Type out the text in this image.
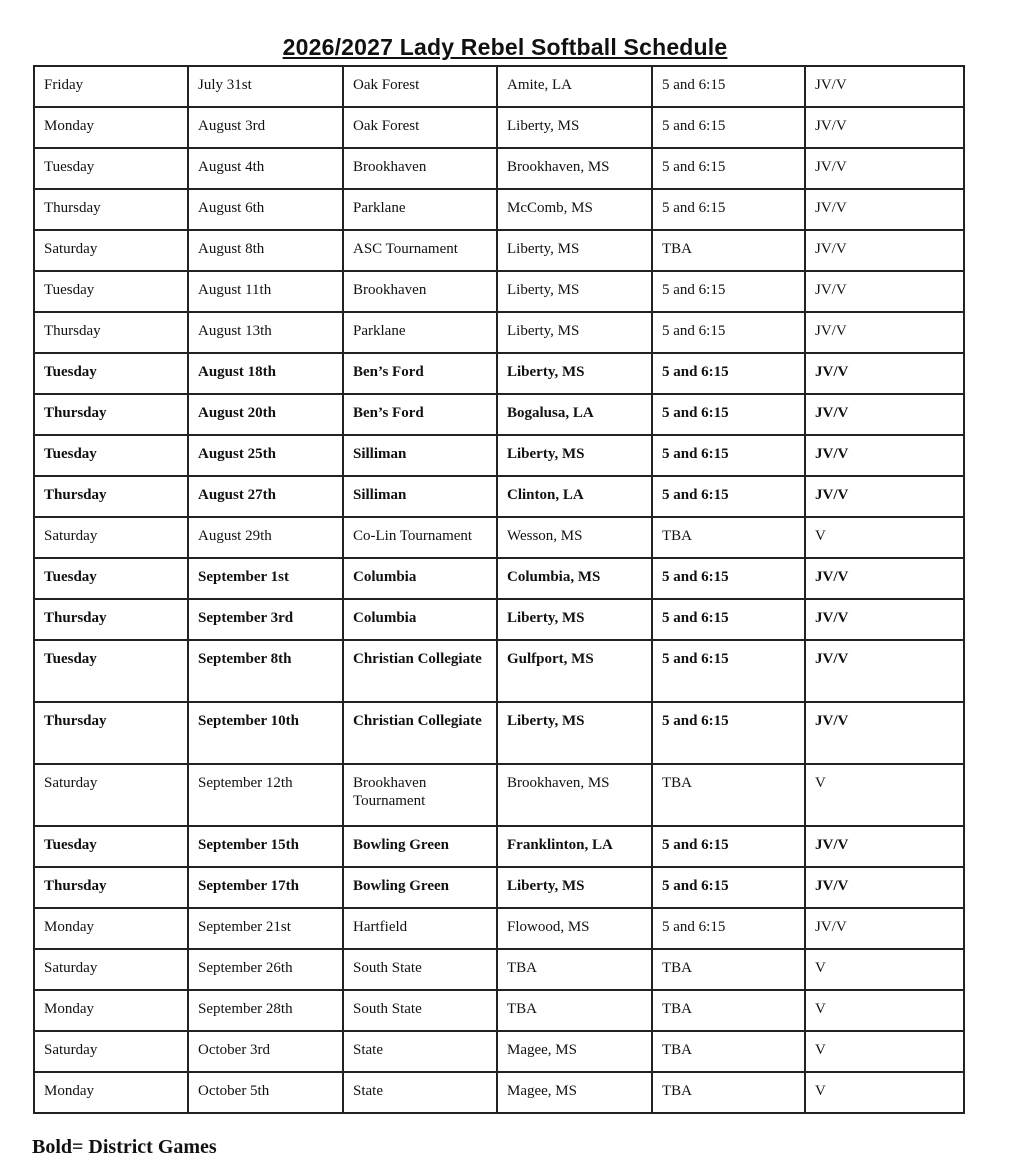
2026/2027 Lady Rebel Softball Schedule
Friday	July 31st	Oak Forest	Amite, LA	5 and 6:15	JV/V
Monday	August 3rd	Oak Forest	Liberty, MS	5 and 6:15	JV/V
Tuesday	August 4th	Brookhaven	Brookhaven, MS	5 and 6:15	JV/V
Thursday	August 6th	Parklane	McComb, MS	5 and 6:15	JV/V
Saturday	August 8th	ASC Tournament	Liberty, MS	TBA	JV/V
Tuesday	August 11th	Brookhaven	Liberty, MS	5 and 6:15	JV/V
Thursday	August 13th	Parklane	Liberty, MS	5 and 6:15	JV/V
Tuesday	August 18th	Ben’s Ford	Liberty, MS	5 and 6:15	JV/V
Thursday	August 20th	Ben’s Ford	Bogalusa, LA	5 and 6:15	JV/V
Tuesday	August 25th	Silliman	Liberty, MS	5 and 6:15	JV/V
Thursday	August 27th	Silliman	Clinton, LA	5 and 6:15	JV/V
Saturday	August 29th	Co-Lin Tournament	Wesson, MS	TBA	V
Tuesday	September 1st	Columbia	Columbia, MS	5 and 6:15	JV/V
Thursday	September 3rd	Columbia	Liberty, MS	5 and 6:15	JV/V
Tuesday	September 8th	Christian Collegiate	Gulfport, MS	5 and 6:15	JV/V
Thursday	September 10th	Christian Collegiate	Liberty, MS	5 and 6:15	JV/V
Saturday	September 12th	Brookhaven Tournament	Brookhaven, MS	TBA	V
Tuesday	September 15th	Bowling Green	Franklinton, LA	5 and 6:15	JV/V
Thursday	September 17th	Bowling Green	Liberty, MS	5 and 6:15	JV/V
Monday	September 21st	Hartfield	Flowood, MS	5 and 6:15	JV/V
Saturday	September 26th	South State	TBA	TBA	V
Monday	September 28th	South State	TBA	TBA	V
Saturday	October 3rd	State	Magee, MS	TBA	V
Monday	October 5th	State	Magee, MS	TBA	V
Bold= District Games
